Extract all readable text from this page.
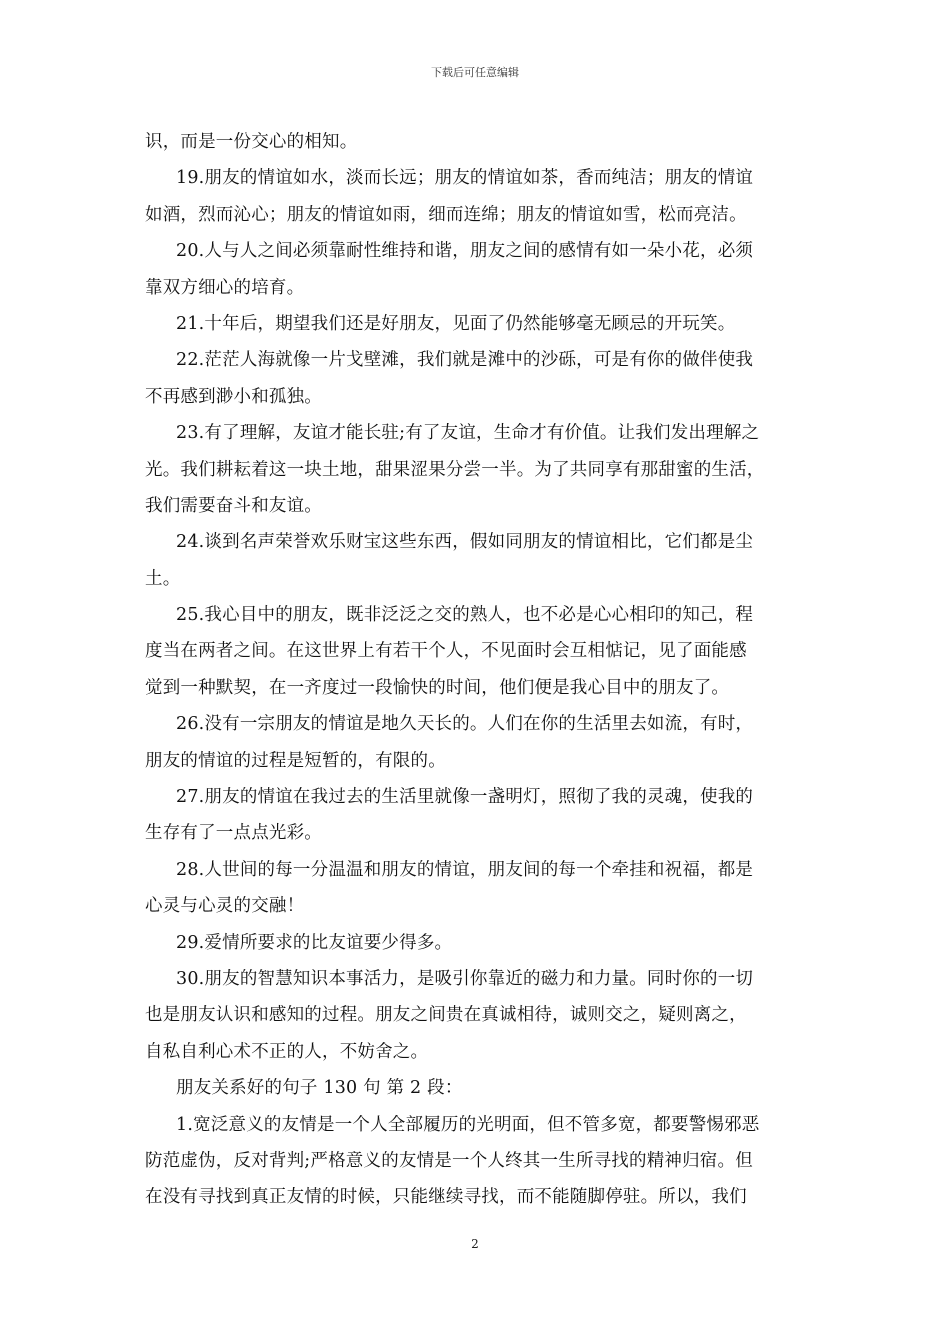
下载后可任意编辑
识，而是一份交心的相知。
19.朋友的情谊如水，淡而长远；朋友的情谊如茶，香而纯洁；朋友的情谊
如酒，烈而沁心；朋友的情谊如雨，细而连绵；朋友的情谊如雪，松而亮洁。
20.人与人之间必须靠耐性维持和谐，朋友之间的感情有如一朵小花，必须
靠双方细心的培育。
21.十年后，期望我们还是好朋友，见面了仍然能够毫无顾忌的开玩笑。
22.茫茫人海就像一片戈壁滩，我们就是滩中的沙砾，可是有你的做伴使我
不再感到渺小和孤独。
23.有了理解，友谊才能长驻;有了友谊，生命才有价值。让我们发出理解之
光。我们耕耘着这一块土地，甜果涩果分尝一半。为了共同享有那甜蜜的生活，
我们需要奋斗和友谊。
24.谈到名声荣誉欢乐财宝这些东西，假如同朋友的情谊相比，它们都是尘
土。
25.我心目中的朋友，既非泛泛之交的熟人，也不必是心心相印的知己，程
度当在两者之间。在这世界上有若干个人，不见面时会互相惦记，见了面能感
觉到一种默契，在一齐度过一段愉快的时间，他们便是我心目中的朋友了。
26.没有一宗朋友的情谊是地久天长的。人们在你的生活里去如流，有时，
朋友的情谊的过程是短暂的，有限的。
27.朋友的情谊在我过去的生活里就像一盏明灯，照彻了我的灵魂，使我的
生存有了一点点光彩。
28.人世间的每一分温温和朋友的情谊，朋友间的每一个牵挂和祝福，都是
心灵与心灵的交融！
29.爱情所要求的比友谊要少得多。
30.朋友的智慧知识本事活力，是吸引你靠近的磁力和力量。同时你的一切
也是朋友认识和感知的过程。朋友之间贵在真诚相待，诚则交之，疑则离之，
自私自利心术不正的人，不妨舍之。
朋友关系好的句子 130 句 第 2 段：
1.宽泛意义的友情是一个人全部履历的光明面，但不管多宽，都要警惕邪恶
防范虚伪，反对背判;严格意义的友情是一个人终其一生所寻找的精神归宿。但
在没有寻找到真正友情的时候，只能继续寻找，而不能随脚停驻。所以，我们
2
